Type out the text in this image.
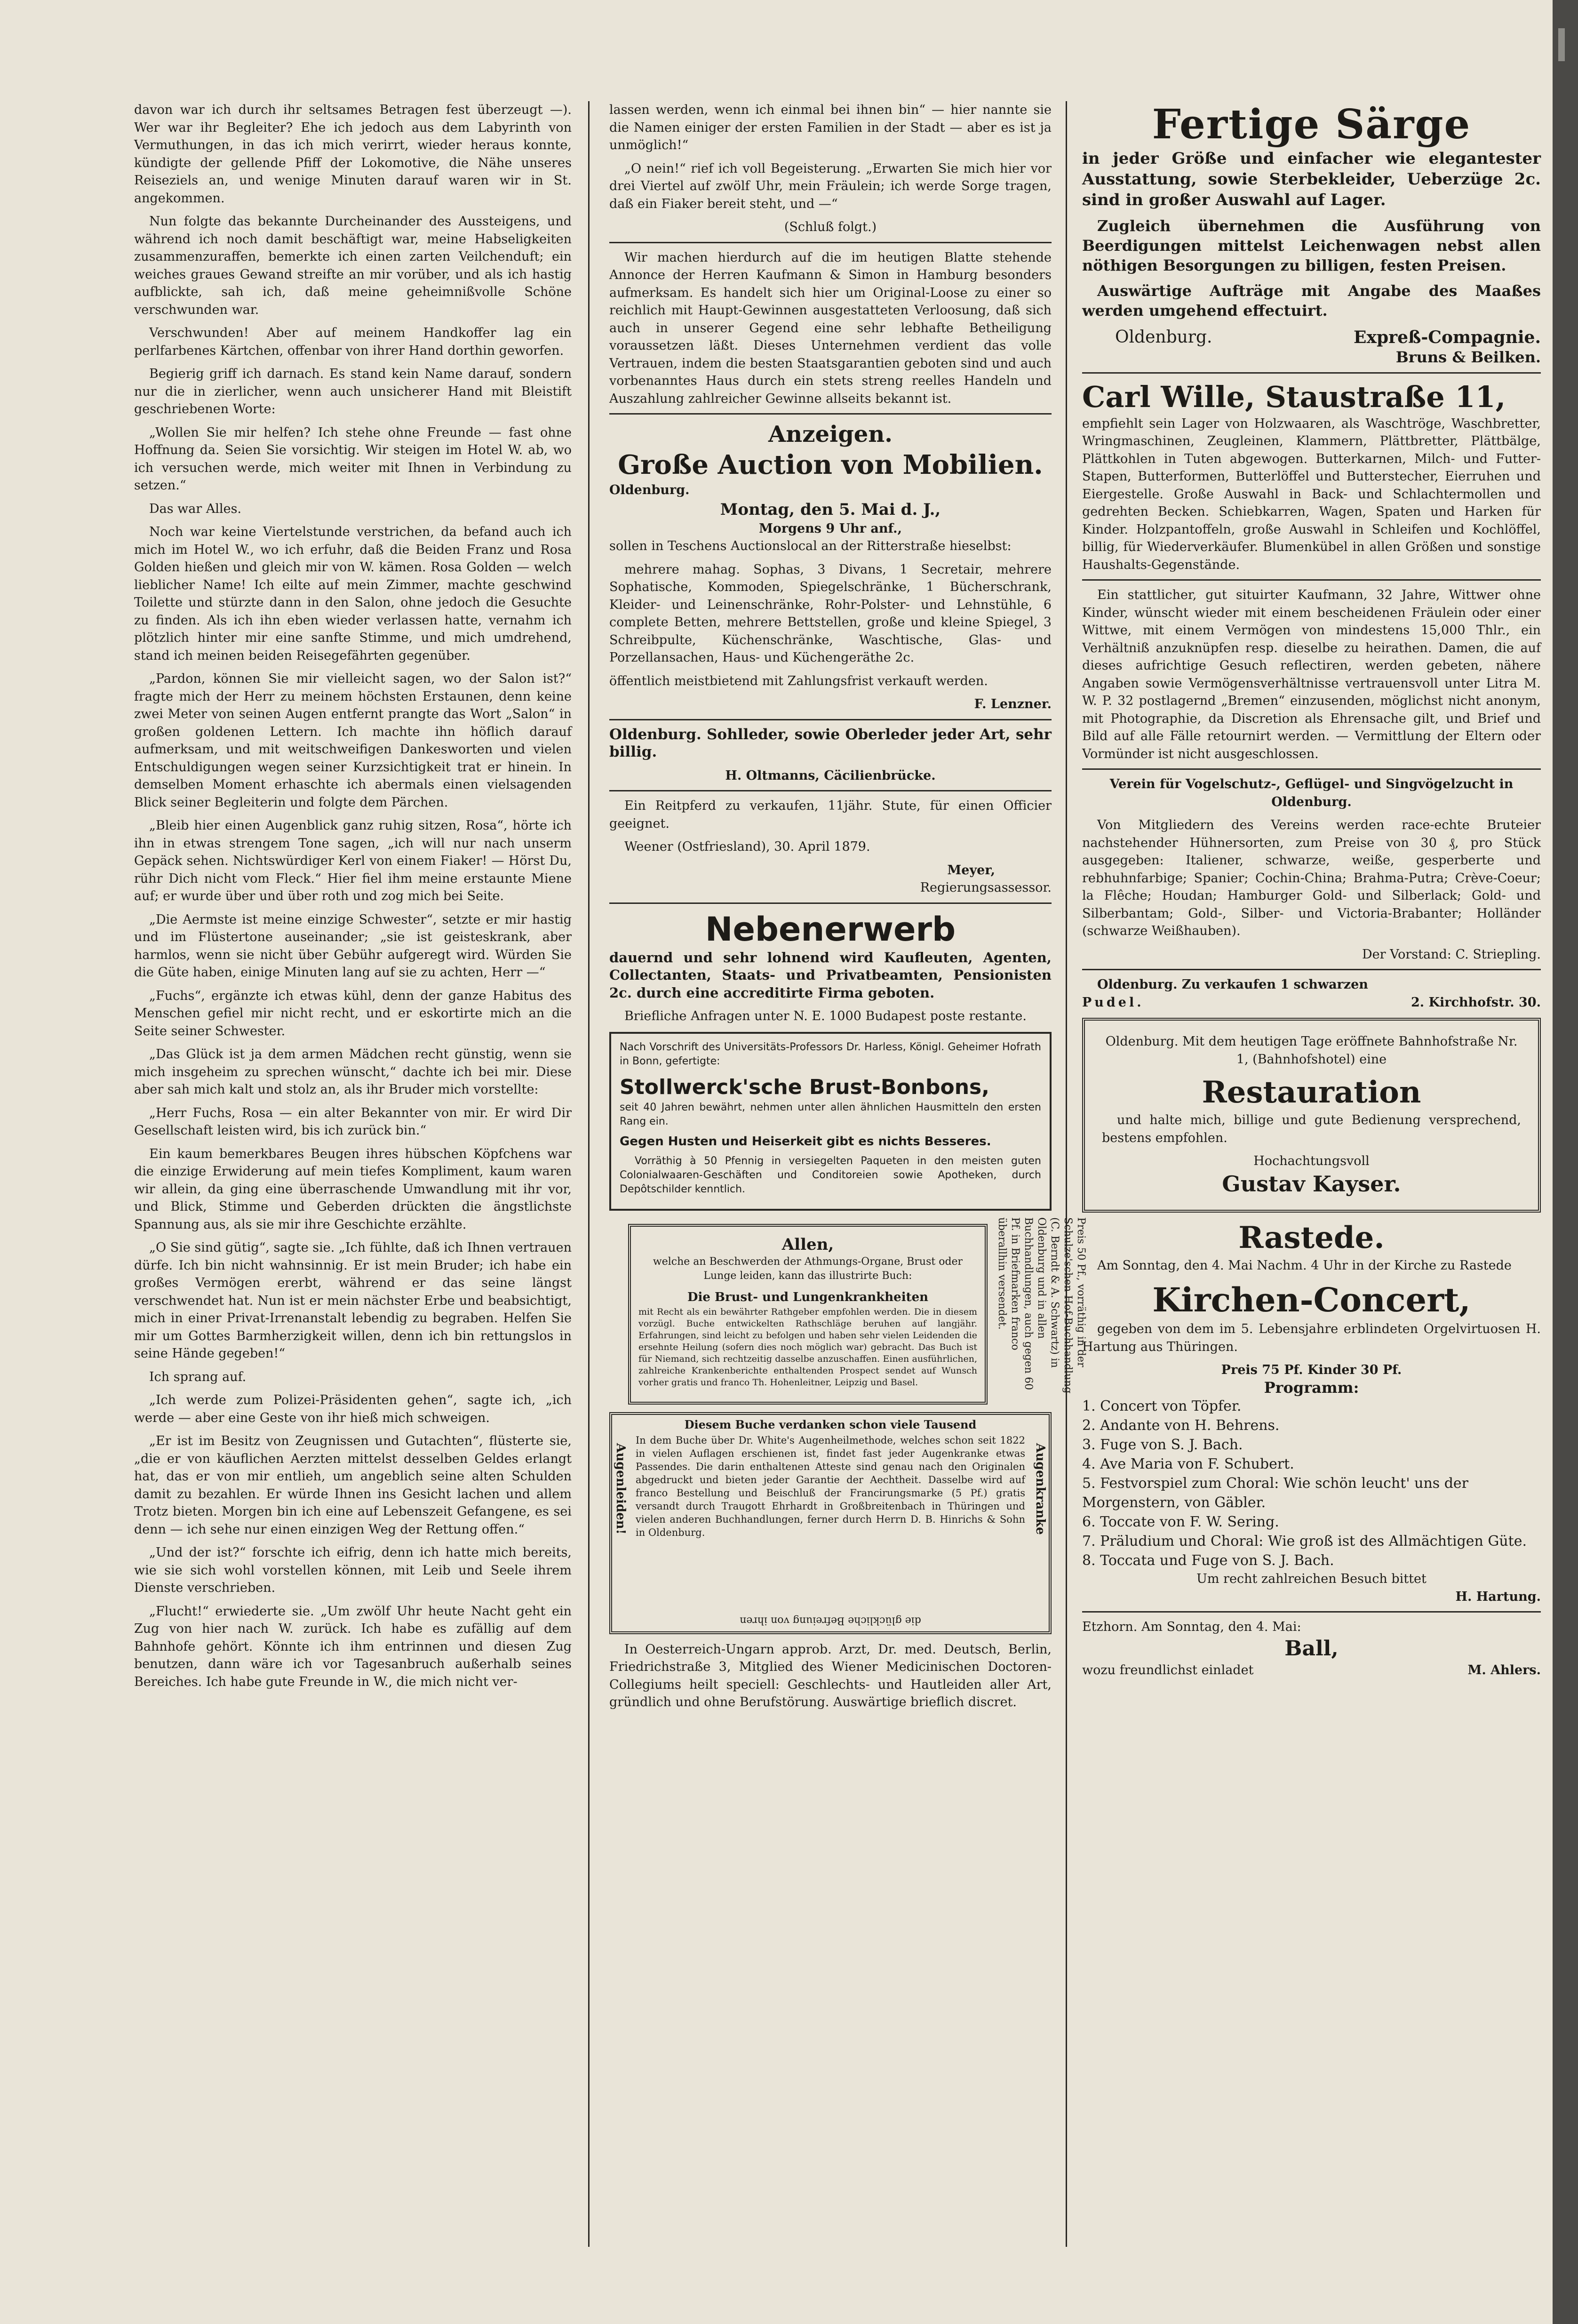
davon war ich durch ihr seltsames Betragen fest überzeugt —). Wer war ihr Begleiter? Ehe ich jedoch aus dem Labyrinth von Vermuthungen, in das ich mich verirrt, wieder heraus konnte, kündigte der gellende Pfiff der Lokomotive, die Nähe unseres Reiseziels an, und wenige Minuten darauf waren wir in St. angekommen.

Nun folgte das bekannte Durcheinander des Aussteigens, und während ich noch damit beschäftigt war, meine Habseligkeiten zusammenzuraffen, bemerkte ich einen zarten Veilchenduft; ein weiches graues Gewand streifte an mir vorüber, und als ich hastig aufblickte, sah ich, daß meine geheimnißvolle Schöne verschwunden war.

Verschwunden! Aber auf meinem Handkoffer lag ein perlfarbenes Kärtchen, offenbar von ihrer Hand dorthin geworfen.

Begierig griff ich darnach. Es stand kein Name darauf, sondern nur die in zierlicher, wenn auch unsicherer Hand mit Bleistift geschriebenen Worte:

„Wollen Sie mir helfen? Ich stehe ohne Freunde — fast ohne Hoffnung da. Seien Sie vorsichtig. Wir steigen im Hotel W. ab, wo ich versuchen werde, mich weiter mit Ihnen in Verbindung zu setzen.“

Das war Alles.

Noch war keine Viertelstunde verstrichen, da befand auch ich mich im Hotel W., wo ich erfuhr, daß die Beiden Franz und Rosa Golden hießen und gleich mir von W. kämen. Rosa Golden — welch lieblicher Name! Ich eilte auf mein Zimmer, machte geschwind Toilette und stürzte dann in den Salon, ohne jedoch die Gesuchte zu finden. Als ich ihn eben wieder verlassen hatte, vernahm ich plötzlich hinter mir eine sanfte Stimme, und mich umdrehend, stand ich meinen beiden Reisegefährten gegenüber.

„Pardon, können Sie mir vielleicht sagen, wo der Salon ist?“ fragte mich der Herr zu meinem höchsten Erstaunen, denn keine zwei Meter von seinen Augen entfernt prangte das Wort „Salon“ in großen goldenen Lettern. Ich machte ihn höflich darauf aufmerksam, und mit weitschweifigen Dankesworten und vielen Entschuldigungen wegen seiner Kurzsichtigkeit trat er hinein. In demselben Moment erhaschte ich abermals einen vielsagenden Blick seiner Begleiterin und folgte dem Pärchen.

„Bleib hier einen Augenblick ganz ruhig sitzen, Rosa“, hörte ich ihn in etwas strengem Tone sagen, „ich will nur nach unserm Gepäck sehen. Nichtswürdiger Kerl von einem Fiaker! — Hörst Du, rühr Dich nicht vom Fleck.“ Hier fiel ihm meine erstaunte Miene auf; er wurde über und über roth und zog mich bei Seite.

„Die Aermste ist meine einzige Schwester“, setzte er mir hastig und im Flüstertone auseinander; „sie ist geisteskrank, aber harmlos, wenn sie nicht über Gebühr aufgeregt wird. Würden Sie die Güte haben, einige Minuten lang auf sie zu achten, Herr —“

„Fuchs“, ergänzte ich etwas kühl, denn der ganze Habitus des Menschen gefiel mir nicht recht, und er eskortirte mich an die Seite seiner Schwester.

„Das Glück ist ja dem armen Mädchen recht günstig, wenn sie mich insgeheim zu sprechen wünscht,“ dachte ich bei mir. Diese aber sah mich kalt und stolz an, als ihr Bruder mich vorstellte:

„Herr Fuchs, Rosa — ein alter Bekannter von mir. Er wird Dir Gesellschaft leisten wird, bis ich zurück bin.“

Ein kaum bemerkbares Beugen ihres hübschen Köpfchens war die einzige Erwiderung auf mein tiefes Kompliment, kaum waren wir allein, da ging eine überraschende Umwandlung mit ihr vor, und Blick, Stimme und Geberden drückten die ängstlichste Spannung aus, als sie mir ihre Geschichte erzählte.

„O Sie sind gütig“, sagte sie. „Ich fühlte, daß ich Ihnen vertrauen dürfe. Ich bin nicht wahnsinnig. Er ist mein Bruder; ich habe ein großes Vermögen ererbt, während er das seine längst verschwendet hat. Nun ist er mein nächster Erbe und beabsichtigt, mich in einer Privat-Irrenanstalt lebendig zu begraben. Helfen Sie mir um Gottes Barmherzigkeit willen, denn ich bin rettungslos in seine Hände gegeben!“

Ich sprang auf.

„Ich werde zum Polizei-Präsidenten gehen“, sagte ich, „ich werde — aber eine Geste von ihr hieß mich schweigen.

„Er ist im Besitz von Zeugnissen und Gutachten“, flüsterte sie, „die er von käuflichen Aerzten mittelst desselben Geldes erlangt hat, das er von mir entlieh, um angeblich seine alten Schulden damit zu bezahlen. Er würde Ihnen ins Gesicht lachen und allem Trotz bieten. Morgen bin ich eine auf Lebenszeit Gefangene, es sei denn — ich sehe nur einen einzigen Weg der Rettung offen.“

„Und der ist?“ forschte ich eifrig, denn ich hatte mich bereits, wie sie sich wohl vorstellen können, mit Leib und Seele ihrem Dienste verschrieben.

„Flucht!“ erwiederte sie. „Um zwölf Uhr heute Nacht geht ein Zug von hier nach W. zurück. Ich habe es zufällig auf dem Bahnhofe gehört. Könnte ich ihm entrinnen und diesen Zug benutzen, dann wäre ich vor Tagesanbruch außerhalb seines Bereiches. Ich habe gute Freunde in W., die mich nicht ver-

lassen werden, wenn ich einmal bei ihnen bin“ — hier nannte sie die Namen einiger der ersten Familien in der Stadt — aber es ist ja unmöglich!“

„O nein!“ rief ich voll Begeisterung. „Erwarten Sie mich hier vor drei Viertel auf zwölf Uhr, mein Fräulein; ich werde Sorge tragen, daß ein Fiaker bereit steht, und —“

(Schluß folgt.)

Wir machen hierdurch auf die im heutigen Blatte stehende Annonce der Herren Kaufmann & Simon in Hamburg besonders aufmerksam. Es handelt sich hier um Original-Loose zu einer so reichlich mit Haupt-Gewinnen ausgestatteten Verloosung, daß sich auch in unserer Gegend eine sehr lebhafte Betheiligung voraussetzen läßt. Dieses Unternehmen verdient das volle Vertrauen, indem die besten Staatsgarantien geboten sind und auch vorbenanntes Haus durch ein stets streng reelles Handeln und Auszahlung zahlreicher Gewinne allseits bekannt ist.

Anzeigen.
Große Auction von Mobilien.
Oldenburg.
Montag, den 5. Mai d. J.,
Morgens 9 Uhr anf.,

sollen in Teschens Auctionslocal an der Ritterstraße hieselbst:

mehrere mahag. Sophas, 3 Divans, 1 Secretair, mehrere Sophatische, Kommoden, Spiegelschränke, 1 Bücherschrank, Kleider- und Leinenschränke, Rohr-Polster- und Lehnstühle, 6 complete Betten, mehrere Bettstellen, große und kleine Spiegel, 3 Schreibpulte, Küchenschränke, Waschtische, Glas- und Porzellansachen, Haus- und Küchengeräthe 2c.

öffentlich meistbietend mit Zahlungsfrist verkauft werden.

F. Lenzner.

Oldenburg. Sohlleder, sowie Oberleder jeder Art, sehr billig.

H. Oltmanns, Cäcilienbrücke.

Ein Reitpferd zu verkaufen, 11jähr. Stute, für einen Officier geeignet.

Weener (Ostfriesland), 30. April 1879.

Meyer,

Regierungsassessor.

Nebenerwerb

dauernd und sehr lohnend wird Kaufleuten, Agenten, Collectanten, Staats- und Privatbeamten, Pensionisten 2c. durch eine accreditirte Firma geboten.

Briefliche Anfragen unter N. E. 1000 Budapest poste restante.

Nach Vorschrift des Universitäts-Professors Dr. Harless, Königl. Geheimer Hofrath in Bonn, gefertigte:

Stollwerck'sche Brust-Bonbons,

seit 40 Jahren bewährt, nehmen unter allen ähnlichen Hausmitteln den ersten Rang ein.

Gegen Husten und Heiserkeit gibt es nichts Besseres.

Vorräthig à 50 Pfennig in versiegelten Paqueten in den meisten guten Colonialwaaren-Geschäften und Conditoreien sowie Apotheken, durch Depôtschilder kenntlich.

Allen,

welche an Beschwerden der Athmungs-Organe, Brust oder Lunge leiden, kann das illustrirte Buch:

Die Brust- und Lungenkrankheiten

mit Recht als ein bewährter Rathgeber empfohlen werden. Die in diesem vorzügl. Buche entwickelten Rathschläge beruhen auf langjähr. Erfahrungen, sind leicht zu befolgen und haben sehr vielen Leidenden die ersehnte Heilung (sofern dies noch möglich war) gebracht. Das Buch ist für Niemand, sich rechtzeitig dasselbe anzuschaffen. Einen ausführlichen, zahlreiche Krankenberichte enthaltenden Prospect sendet auf Wunsch vorher gratis und franco Th. Hohenleitner, Leipzig und Basel.

Preis 50 Pf., vorräthig in der Schulze'schen Hof-Buchhandlung (C. Berndt & A. Schwartz) in Oldenburg und in allen Buchhandlungen, auch gegen 60 Pf. in Briefmarken franco überallhin versendet.
Diesem Buche verdanken schon viele Tausend
Augenleiden!	Augenkranke

In dem Buche über Dr. White's Augenheilmethode, welches schon seit 1822 in vielen Auflagen erschienen ist, findet fast jeder Augenkranke etwas Passendes. Die darin enthaltenen Atteste sind genau nach den Originalen abgedruckt und bieten jeder Garantie der Aechtheit. Dasselbe wird auf franco Bestellung und Beischluß der Francirungsmarke (5 Pf.) gratis versandt durch Traugott Ehrhardt in Großbreitenbach in Thüringen und vielen anderen Buchhandlungen, ferner durch Herrn D. B. Hinrichs & Sohn in Oldenburg.

die glückliche Befreiung von ihren

In Oesterreich-Ungarn approb. Arzt, Dr. med. Deutsch, Berlin, Friedrichstraße 3, Mitglied des Wiener Medicinischen Doctoren-Collegiums heilt speciell: Geschlechts- und Hautleiden aller Art, gründlich und ohne Berufstörung. Auswärtige brieflich discret.

Fertige Särge

in jeder Größe und einfacher wie elegantester Ausstattung, sowie Sterbekleider, Ueberzüge 2c. sind in großer Auswahl auf Lager.

Zugleich übernehmen die Ausführung von Beerdigungen mittelst Leichenwagen nebst allen nöthigen Besorgungen zu billigen, festen Preisen.

Auswärtige Aufträge mit Angabe des Maaßes werden umgehend effectuirt.

Oldenburg.	Expreß-Compagnie.
Bruns & Beilken.
Carl Wille, Staustraße 11,

empfiehlt sein Lager von Holzwaaren, als Waschtröge, Waschbretter, Wringmaschinen, Zeugleinen, Klammern, Plättbretter, Plättbälge, Plättkohlen in Tuten abgewogen. Butterkarnen, Milch- und Futter-Stapen, Butterformen, Butterlöffel und Butterstecher, Eierruhen und Eiergestelle. Große Auswahl in Back- und Schlachtermollen und gedrehten Becken. Schiebkarren, Wagen, Spaten und Harken für Kinder. Holzpantoffeln, große Auswahl in Schleifen und Kochlöffel, billig, für Wiederverkäufer. Blumenkübel in allen Größen und sonstige Haushalts-Gegenstände.

Ein stattlicher, gut situirter Kaufmann, 32 Jahre, Wittwer ohne Kinder, wünscht wieder mit einem bescheidenen Fräulein oder einer Wittwe, mit einem Vermögen von mindestens 15,000 Thlr., ein Verhältniß anzuknüpfen resp. dieselbe zu heirathen. Damen, die auf dieses aufrichtige Gesuch reflectiren, werden gebeten, nähere Angaben sowie Vermögensverhältnisse vertrauensvoll unter Litra M. W. P. 32 postlagernd „Bremen“ einzusenden, möglichst nicht anonym, mit Photographie, da Discretion als Ehrensache gilt, und Brief und Bild auf alle Fälle retournirt werden. — Vermittlung der Eltern oder Vormünder ist nicht ausgeschlossen.

Verein für Vogelschutz-, Geflügel- und Singvögelzucht in Oldenburg.

Von Mitgliedern des Vereins werden race-echte Bruteier nachstehender Hühnersorten, zum Preise von 30 ₰, pro Stück ausgegeben: Italiener, schwarze, weiße, gesperberte und rebhuhnfarbige; Spanier; Cochin-China; Brahma-Putra; Crève-Coeur; la Flêche; Houdan; Hamburger Gold- und Silberlack; Gold- und Silberbantam; Gold-, Silber- und Victoria-Brabanter; Holländer (schwarze Weißhauben).

Der Vorstand: C. Striepling.

Oldenburg. Zu verkaufen 1 schwarzen
Pudel.	2. Kirchhofstr. 30.

Oldenburg. Mit dem heutigen Tage eröffnete Bahnhofstraße Nr. 1, (Bahnhofshotel) eine

Restauration

und halte mich, billige und gute Bedienung versprechend, bestens empfohlen.

Hochachtungsvoll
Gustav Kayser.
Rastede.

Am Sonntag, den 4. Mai Nachm. 4 Uhr in der Kirche zu Rastede

Kirchen-Concert,

gegeben von dem im 5. Lebensjahre erblindeten Orgelvirtuosen H. Hartung aus Thüringen.

Preis 75 Pf. Kinder 30 Pf.
Programm:
1. Concert von Töpfer.
2. Andante von H. Behrens.
3. Fuge von S. J. Bach.
4. Ave Maria von F. Schubert.
5. Festvorspiel zum Choral: Wie schön leucht' uns der Morgenstern, von Gäbler.
6. Toccate von F. W. Sering.
7. Präludium und Choral: Wie groß ist des Allmächtigen Güte.
8. Toccata und Fuge von S. J. Bach.
Um recht zahlreichen Besuch bittet
H. Hartung.
Etzhorn. Am Sonntag, den 4. Mai:
Ball,
wozu freundlichst einladet	M. Ahlers.
